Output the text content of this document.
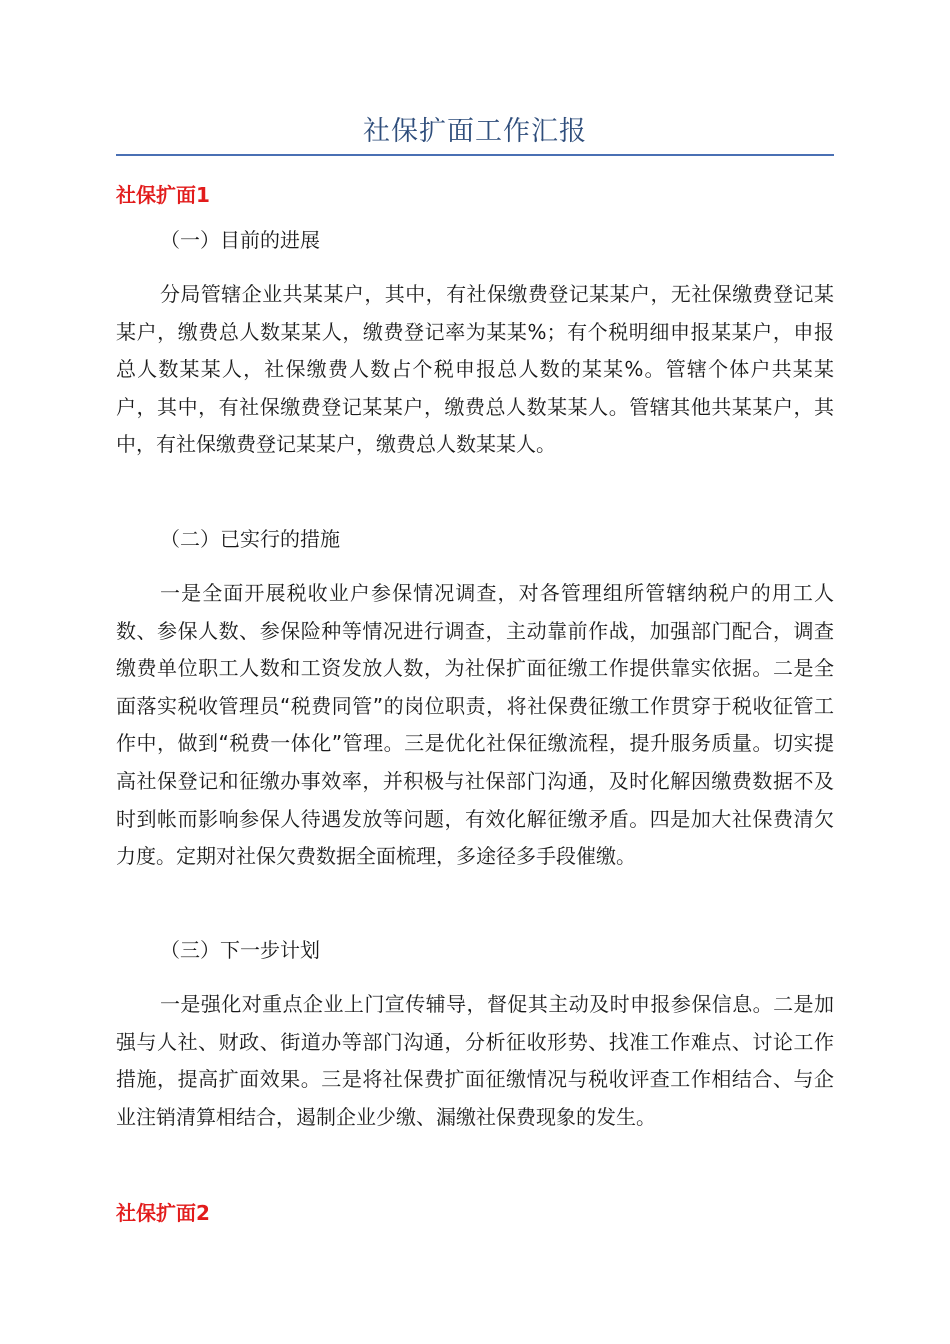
社保扩面工作汇报
社保扩面1
（一）目前的进展

分局管辖企业共某某户，其中，有社保缴费登记某某户，无社保缴费登记某某户，缴费总人数某某人，缴费登记率为某某%；有个税明细申报某某户，申报总人数某某人，社保缴费人数占个税申报总人数的某某%。管辖个体户共某某户，其中，有社保缴费登记某某户，缴费总人数某某人。管辖其他共某某户，其中，有社保缴费登记某某户，缴费总人数某某人。

（二）已实行的措施

一是全面开展税收业户参保情况调查，对各管理组所管辖纳税户的用工人数、参保人数、参保险种等情况进行调查，主动靠前作战，加强部门配合，调查缴费单位职工人数和工资发放人数，为社保扩面征缴工作提供靠实依据。二是全面落实税收管理员“税费同管”的岗位职责，将社保费征缴工作贯穿于税收征管工作中，做到“税费一体化”管理。三是优化社保征缴流程，提升服务质量。切实提高社保登记和征缴办事效率，并积极与社保部门沟通，及时化解因缴费数据不及时到帐而影响参保人待遇发放等问题，有效化解征缴矛盾。四是加大社保费清欠力度。定期对社保欠费数据全面梳理，多途径多手段催缴。

（三）下一步计划

一是强化对重点企业上门宣传辅导，督促其主动及时申报参保信息。二是加强与人社、财政、街道办等部门沟通，分析征收形势、找准工作难点、讨论工作措施，提高扩面效果。三是将社保费扩面征缴情况与税收评查工作相结合、与企业注销清算相结合，遏制企业少缴、漏缴社保费现象的发生。

社保扩面2
